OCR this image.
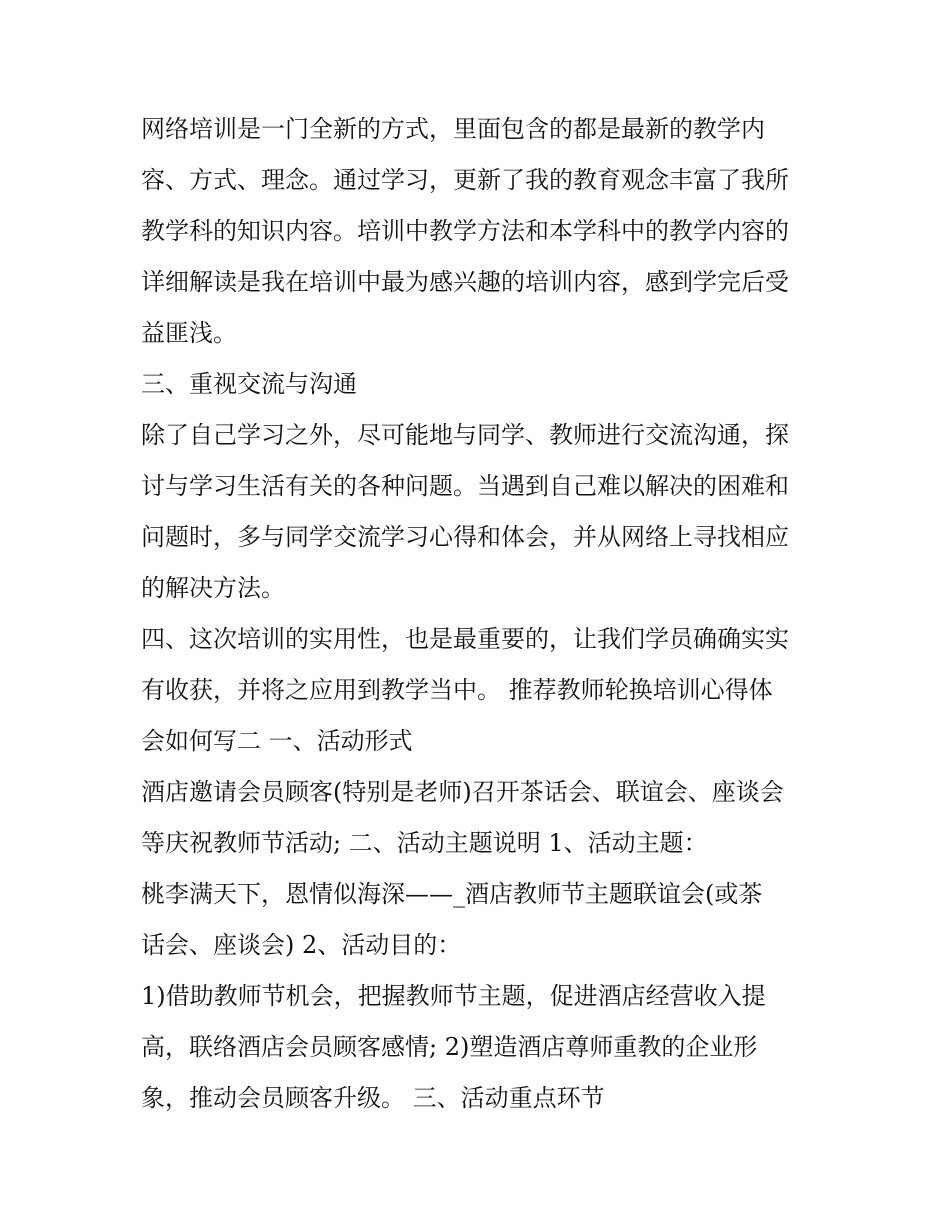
网络培训是一门全新的方式，里面包含的都是最新的教学内
容、方式、理念。通过学习，更新了我的教育观念丰富了我所
教学科的知识内容。培训中教学方法和本学科中的教学内容的
详细解读是我在培训中最为感兴趣的培训内容，感到学完后受
益匪浅。
三、重视交流与沟通
除了自己学习之外，尽可能地与同学、教师进行交流沟通，探
讨与学习生活有关的各种问题。当遇到自己难以解决的困难和
问题时，多与同学交流学习心得和体会，并从网络上寻找相应
的解决方法。
四、这次培训的实用性，也是最重要的，让我们学员确确实实
有收获，并将之应用到教学当中。 推荐教师轮换培训心得体
会如何写二 一、活动形式
酒店邀请会员顾客(特别是老师)召开茶话会、联谊会、座谈会
等庆祝教师节活动; 二、活动主题说明 1、活动主题：
桃李满天下，恩情似海深——_酒店教师节主题联谊会(或茶
话会、座谈会) 2、活动目的：
1)借助教师节机会，把握教师节主题，促进酒店经营收入提
高，联络酒店会员顾客感情; 2)塑造酒店尊师重教的企业形
象，推动会员顾客升级。 三、活动重点环节
